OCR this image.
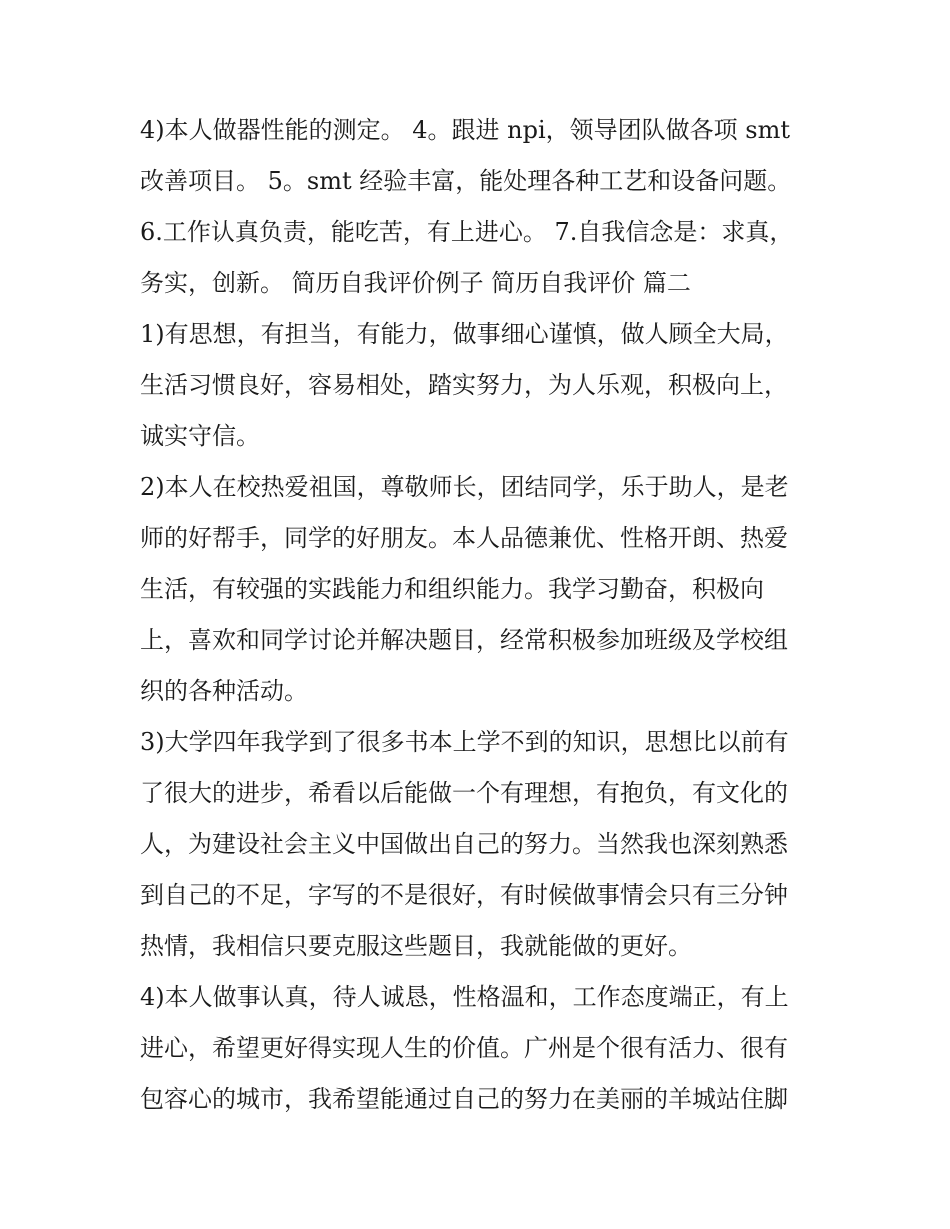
4)本人做器性能的测定。 4。跟进 npi，领导团队做各项 smt
改善项目。 5。smt 经验丰富，能处理各种工艺和设备问题。
6.工作认真负责，能吃苦，有上进心。 7.自我信念是：求真，
务实，创新。 简历自我评价例子 简历自我评价 篇二
1)有思想，有担当，有能力，做事细心谨慎，做人顾全大局，
生活习惯良好，容易相处，踏实努力，为人乐观，积极向上，
诚实守信。
2)本人在校热爱祖国，尊敬师长，团结同学，乐于助人，是老
师的好帮手，同学的好朋友。本人品德兼优、性格开朗、热爱
生活，有较强的实践能力和组织能力。我学习勤奋，积极向
上，喜欢和同学讨论并解决题目，经常积极参加班级及学校组
织的各种活动。
3)大学四年我学到了很多书本上学不到的知识，思想比以前有
了很大的进步，希看以后能做一个有理想，有抱负，有文化的
人，为建设社会主义中国做出自己的努力。当然我也深刻熟悉
到自己的不足，字写的不是很好，有时候做事情会只有三分钟
热情，我相信只要克服这些题目，我就能做的更好。
4)本人做事认真，待人诚恳，性格温和，工作态度端正，有上
进心，希望更好得实现人生的价值。广州是个很有活力、很有
包容心的城市，我希望能通过自己的努力在美丽的羊城站住脚
